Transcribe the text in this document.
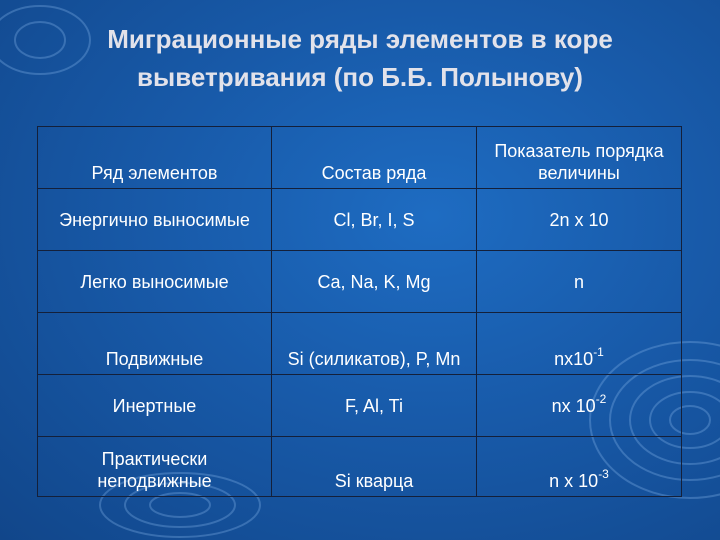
Миграционные ряды элементов в коре
выветривания (по Б.Б. Полынову)
Ряд элементов	Состав ряда	Показатель порядка
величины

Энергично выносимые	Cl, Br, I, S	2n x 10
Легко выносимые	Ca, Na, K, Mg	n
Подвижные	Si (силикатов), P, Mn	$nx10^{-1}$
Инертные	F, Al, Ti	nx $10^{-2}$
Практически неподвижные	Si кварца	n x $10^{-3}$
